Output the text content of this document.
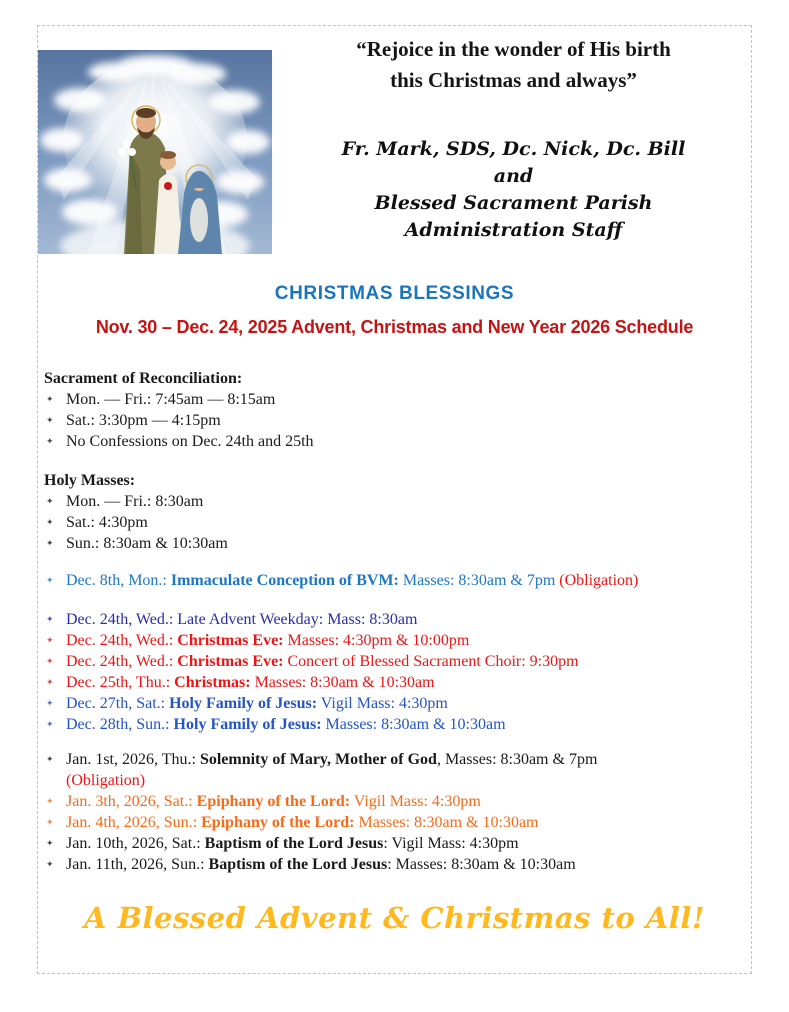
“Rejoice in the wonder of His birth
this Christmas and always”
Fr. Mark, SDS, Dc. Nick, Dc. Bill
and
Blessed Sacrament Parish
Administration Staff
CHRISTMAS BLESSINGS
Nov. 30 – Dec. 24, 2025 Advent, Christmas and New Year 2026 Schedule
Sacrament of Reconciliation:
✦ Mon. — Fri.: 7:45am — 8:15am
✦ Sat.: 3:30pm — 4:15pm
✦ No Confessions on Dec. 24th and 25th
Holy Masses:
✦ Mon. — Fri.: 8:30am
✦ Sat.: 4:30pm
✦ Sun.: 8:30am & 10:30am
✦ Dec. 8th, Mon.: Immaculate Conception of BVM: Masses: 8:30am & 7pm (Obligation)
✦ Dec. 24th, Wed.: Late Advent Weekday: Mass: 8:30am
✦ Dec. 24th, Wed.: Christmas Eve: Masses: 4:30pm & 10:00pm
✦ Dec. 24th, Wed.: Christmas Eve: Concert of Blessed Sacrament Choir: 9:30pm
✦ Dec. 25th, Thu.: Christmas: Masses: 8:30am & 10:30am
✦ Dec. 27th, Sat.: Holy Family of Jesus: Vigil Mass: 4:30pm
✦ Dec. 28th, Sun.: Holy Family of Jesus: Masses: 8:30am & 10:30am
✦ Jan. 1st, 2026, Thu.: Solemnity of Mary, Mother of God, Masses: 8:30am & 7pm
(Obligation)
✦ Jan. 3th, 2026, Sat.: Epiphany of the Lord: Vigil Mass: 4:30pm
✦ Jan. 4th, 2026, Sun.: Epiphany of the Lord: Masses: 8:30am & 10:30am
✦ Jan. 10th, 2026, Sat.: Baptism of the Lord Jesus: Vigil Mass: 4:30pm
✦ Jan. 11th, 2026, Sun.: Baptism of the Lord Jesus: Masses: 8:30am & 10:30am
A Blessed Advent & Christmas to All!
